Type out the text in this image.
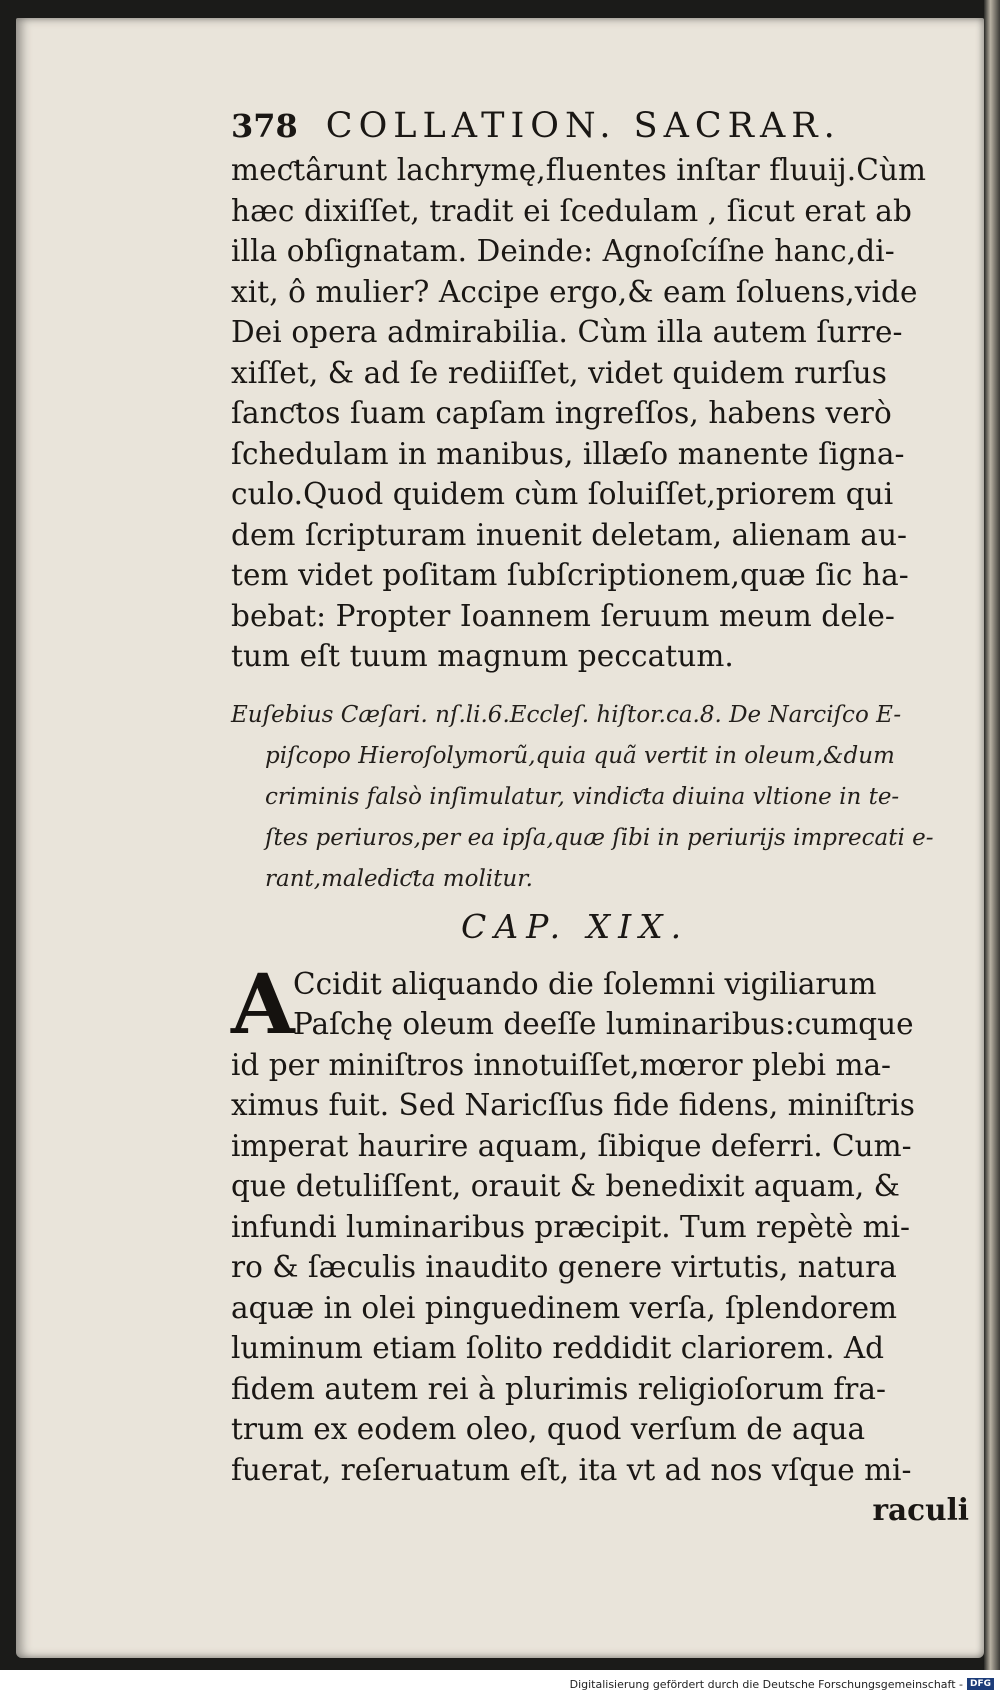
378 COLLATION. SACRAR.
meƈtârunt lachrymę,fluentes inſtar fluuij.Cùm
hæc dixiſſet, tradit ei ſcedulam , ſicut erat ab
illa obſignatam. Deinde: Agnoſcíſne hanc,di-
xit, ô mulier? Accipe ergo,& eam ſoluens,vide
Dei opera admirabilia. Cùm illa autem ſurre-
xiſſet, & ad ſe rediiſſet, videt quidem rurſus
ſanƈtos ſuam capſam ingreſſos, habens verò
ſchedulam in manibus, illæſo manente ſigna-
culo.Quod quidem cùm ſoluiſſet,priorem qui
dem ſcripturam inuenit deletam, alienam au-
tem videt poſitam ſubſcriptionem,quæ ſic ha-
bebat: Propter Ioannem ſeruum meum dele-
tum eſt tuum magnum peccatum.
Euſebius Cæſari. nſ.li.6.Eccleſ. hiſtor.ca.8. De Narciſco E-
piſcopo Hieroſolymorũ,quia quã vertit in oleum,&dum
criminis falsò inſimulatur, vindiƈta diuina vltione in te-
ſtes periuros,per ea ipſa,quæ ſibi in periurijs imprecati e-
rant,malediƈta molitur.
CAP. XIX.
A
Ccidit aliquando die ſolemni vigiliarum
Paſchę oleum deeſſe luminaribus:cumque
id per miniſtros innotuiſſet,mœror plebi ma-
ximus fuit. Sed Naricſſus fide fidens, miniſtris
imperat haurire aquam, ſibique deferri. Cum-
que detuliſſent, orauit & benedixit aquam, &
infundi luminaribus præcipit. Tum repètè mi-
ro & ſæculis inaudito genere virtutis, natura
aquæ in olei pinguedinem verſa, ſplendorem
luminum etiam ſolito reddidit clariorem. Ad
fidem autem rei à plurimis religioſorum fra-
trum ex eodem oleo, quod verſum de aqua
fuerat, reſeruatum eſt, ita vt ad nos vſque mi-
raculi
Digitalisierung gefördert durch die Deutsche Forschungsgemeinschaft - DFG
